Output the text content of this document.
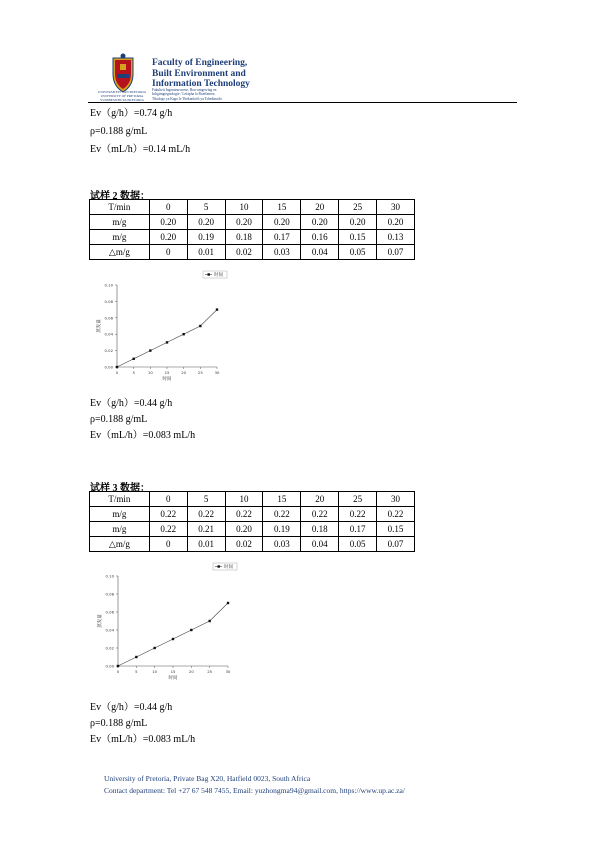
UNIVERSITEIT VAN PRETORIA
UNIVERSITY OF PRETORIA
YUNIBESITHI YA PRETORIA
Faculty of Engineering,
Built Environment and
Information Technology
Fakulteit Ingenieurswese, Bou-omgewing en
Inligtingtegnologie / Lefapha la Boetšenere,
Tikologo ya Kago le Theknolotši ya Tshedimošo
Ev（g/h）=0.74 g/h
ρ=0.188 g/mL
Ev（mL/h）=0.14 mL/h
试样 2 数据：
T/min	0	5	10	15	20	25	30
m/g	0.20	0.20	0.20	0.20	0.20	0.20	0.20
m/g	0.20	0.19	0.18	0.17	0.16	0.15	0.13
△m/g	0	0.01	0.02	0.03	0.04	0.05	0.07
0.00
0.02
0.04
0.06
0.08
0.10
0	5	10	15	20	25	30
时间
蒸发量
时间
Ev（g/h）=0.44 g/h
ρ=0.188 g/mL
Ev（mL/h）=0.083 mL/h
试样 3 数据：
T/min	0	5	10	15	20	25	30
m/g	0.22	0.22	0.22	0.22	0.22	0.22	0.22
m/g	0.22	0.21	0.20	0.19	0.18	0.17	0.15
△m/g	0	0.01	0.02	0.03	0.04	0.05	0.07
0.00
0.02
0.04
0.06
0.08
0.10
0	5	10	15	20	25	30
时间
蒸发量
时间
Ev（g/h）=0.44 g/h
ρ=0.188 g/mL
Ev（mL/h）=0.083 mL/h
University of Pretoria, Private Bag X20, Hatfield 0023, South Africa
Contact department: Tel +27 67 548 7455, Email: yuzhongma94@gmail.com, https://www.up.ac.za/
